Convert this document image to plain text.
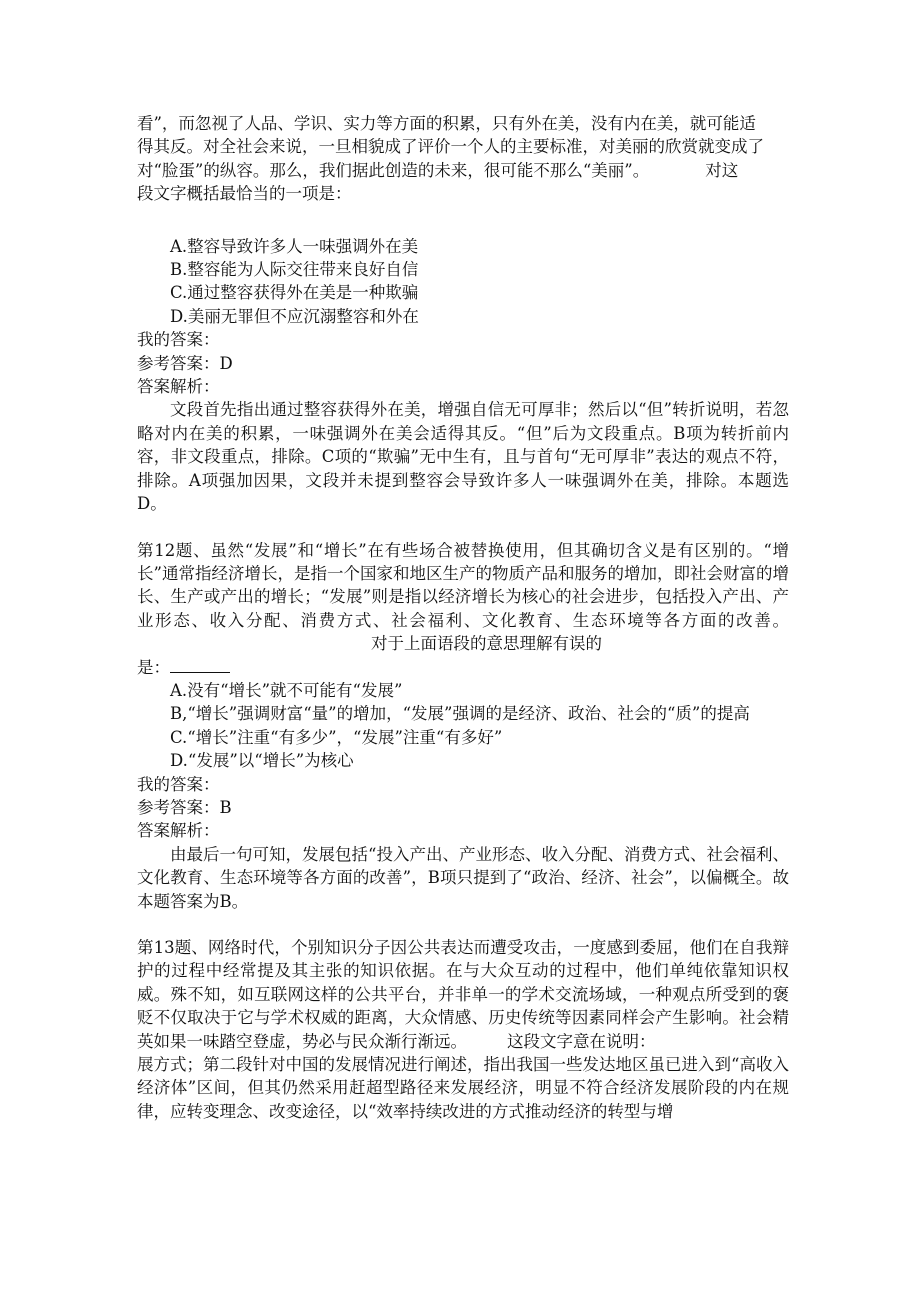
看”，而忽视了人品、学识、实力等方面的积累，只有外在美，没有内在美，就可能适

得其反。对全社会来说，一旦相貌成了评价一个人的主要标准，对美丽的欣赏就变成了

对“脸蛋”的纵容。那么，我们据此创造的未来，很可能不那么“美丽”。	对这

段文字概括最恰当的一项是：

A.整容导致许多人一味强调外在美

B.整容能为人际交往带来良好自信

C.通过整容获得外在美是一种欺骗

D.美丽无罪但不应沉溺整容和外在

我的答案：

参考答案：D

答案解析：

文段首先指出通过整容获得外在美，增强自信无可厚非；然后以“但”转折说明，若忽略对内在美的积累，一味强调外在美会适得其反。“但”后为文段重点。B项为转折前内容，非文段重点，排除。C项的“欺骗”无中生有，且与首句“无可厚非”表达的观点不符，排除。A项强加因果，文段并未提到整容会导致许多人一味强调外在美，排除。本题选D。

第12题、虽然“发展”和“增长”在有些场合被替换使用，但其确切含义是有区别的。“增长”通常指经济增长，是指一个国家和地区生产的物质产品和服务的增加，即社会财富的增长、生产或产出的增长；“发展”则是指以经济增长为核心的社会进步，包括投入产出、产业形态、收入分配、消费方式、社会福利、文化教育、生态环境等各方面的改善。对于上面语段的意思理解有误的

是：

A.没有“增长”就不可能有“发展”

B,“增长”强调财富“量”的增加，“发展”强调的是经济、政治、社会的“质”的提高

C.“增长”注重“有多少”，“发展”注重“有多好”

D.“发展”以“增长”为核心

我的答案：

参考答案：B

答案解析：

由最后一句可知，发展包括“投入产出、产业形态、收入分配、消费方式、社会福利、文化教育、生态环境等各方面的改善”，B项只提到了“政治、经济、社会”，以偏概全。故本题答案为B。

第13题、网络时代，个别知识分子因公共表达而遭受攻击，一度感到委屈，他们在自我辩护的过程中经常提及其主张的知识依据。在与大众互动的过程中，他们单纯依靠知识权威。殊不知，如互联网这样的公共平台，并非单一的学术交流场域，一种观点所受到的褒贬不仅取决于它与学术权威的距离，大众情感、历史传统等因素同样会产生影响。社会精英如果一味踏空登虚，势必与民众渐行渐远。 这段文字意在说明：

展方式；第二段针对中国的发展情况进行阐述，指出我国一些发达地区虽已进入到“高收入经济体”区间，但其仍然采用赶超型路径来发展经济，明显不符合经济发展阶段的内在规律，应转变理念、改变途径，以“效率持续改进的方式推动经济的转型与增
